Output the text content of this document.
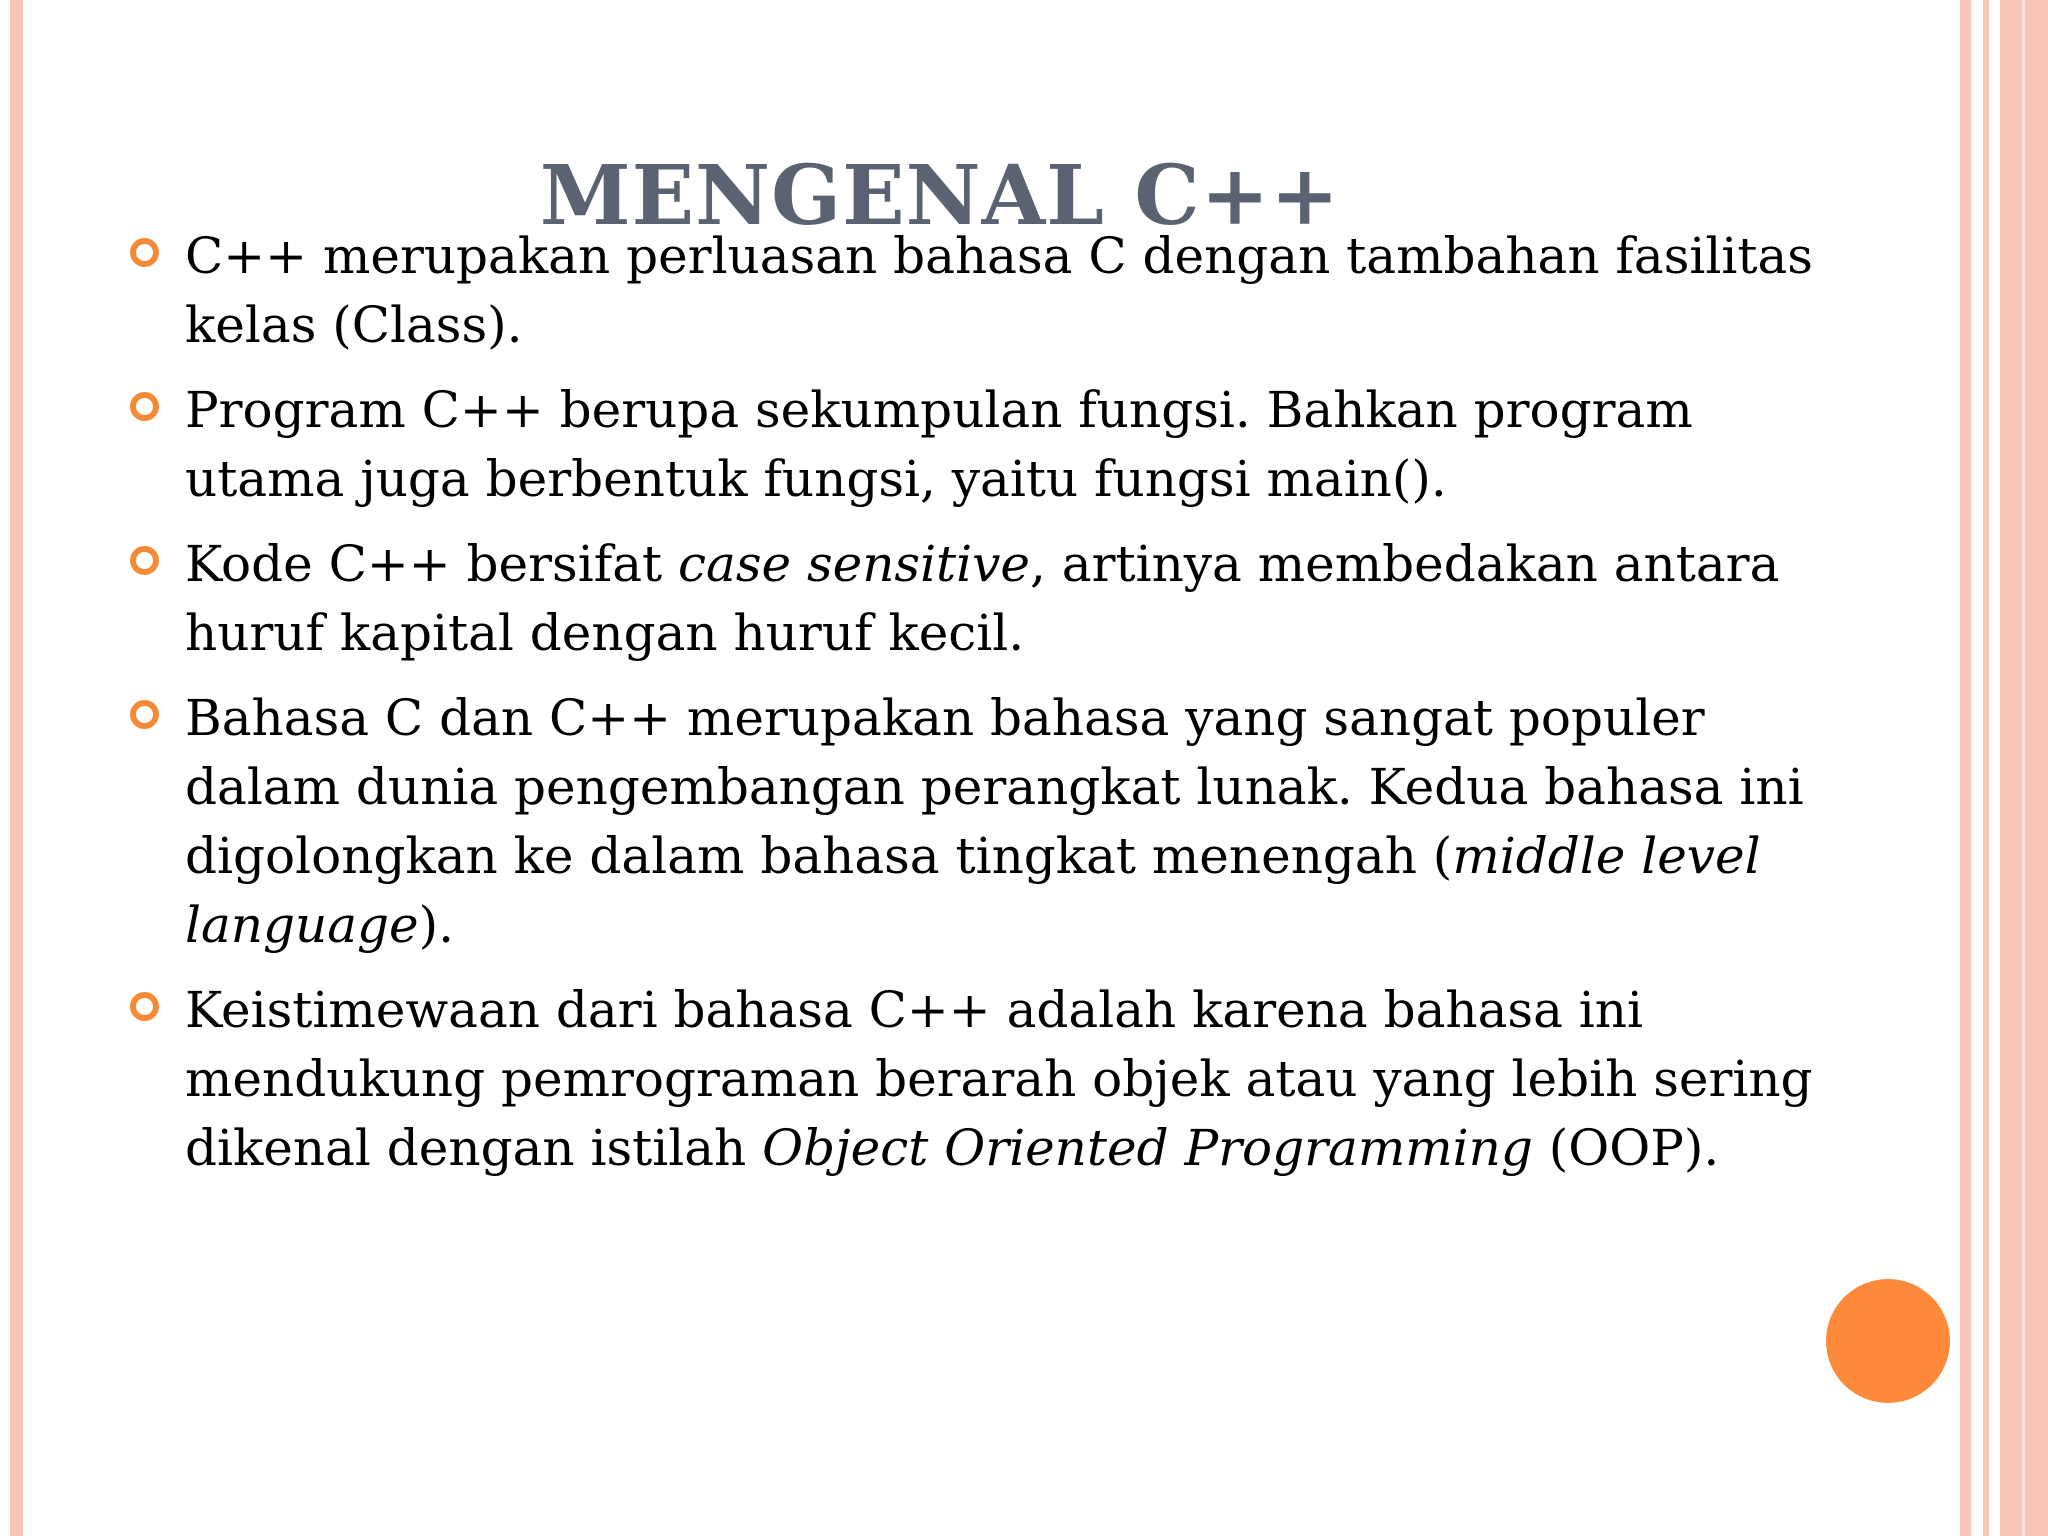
MENGENAL C++
C++ merupakan perluasan bahasa C dengan tambahan fasilitas kelas (Class).
Program C++ berupa sekumpulan fungsi. Bahkan program utama juga berbentuk fungsi, yaitu fungsi main().
Kode C++ bersifat case sensitive, artinya membedakan antara huruf kapital dengan huruf kecil.
Bahasa C dan C++ merupakan bahasa yang sangat populer dalam dunia pengembangan perangkat lunak. Kedua bahasa ini digolongkan ke dalam bahasa tingkat menengah (middle level language).
Keistimewaan dari bahasa C++ adalah karena bahasa ini mendukung pemrograman berarah objek atau yang lebih sering dikenal dengan istilah Object Oriented Programming (OOP).
